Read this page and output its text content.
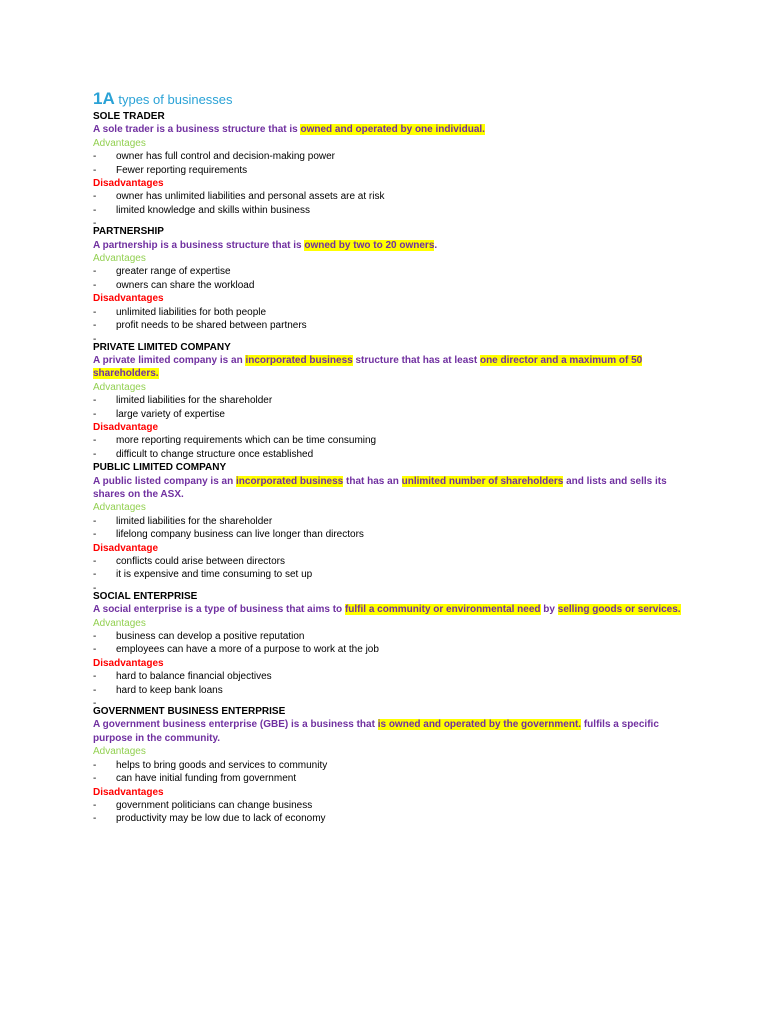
1A types of businesses
SOLE TRADER
A sole trader is a business structure that is owned and operated by one individual.
Advantages
- owner has full control and decision-making power
- Fewer reporting requirements
Disadvantages
- owner has unlimited liabilities and personal assets are at risk
- limited knowledge and skills within business
-
PARTNERSHIP
A partnership is a business structure that is owned by two to 20 owners.
Advantages
- greater range of expertise
- owners can share the workload
Disadvantages
- unlimited liabilities for both people
- profit needs to be shared between partners
-
PRIVATE LIMITED COMPANY
A private limited company is an incorporated business structure that has at least one director and a maximum of 50 shareholders.
Advantages
- limited liabilities for the shareholder
- large variety of expertise
Disadvantage
- more reporting requirements which can be time consuming
- difficult to change structure once established
PUBLIC LIMITED COMPANY
A public listed company is an incorporated business that has an unlimited number of shareholders and lists and sells its shares on the ASX.
Advantages
- limited liabilities for the shareholder
- lifelong company business can live longer than directors
Disadvantage
- conflicts could arise between directors
- it is expensive and time consuming to set up
-
SOCIAL ENTERPRISE
A social enterprise is a type of business that aims to fulfil a community or environmental need by selling goods or services.
Advantages
- business can develop a positive reputation
- employees can have a more of a purpose to work at the job
Disadvantages
- hard to balance financial objectives
- hard to keep bank loans
-
GOVERNMENT BUSINESS ENTERPRISE
A government business enterprise (GBE) is a business that is owned and operated by the government. fulfils a specific purpose in the community.
Advantages
- helps to bring goods and services to community
- can have initial funding from government
Disadvantages
- government politicians can change business
- productivity may be low due to lack of economy
